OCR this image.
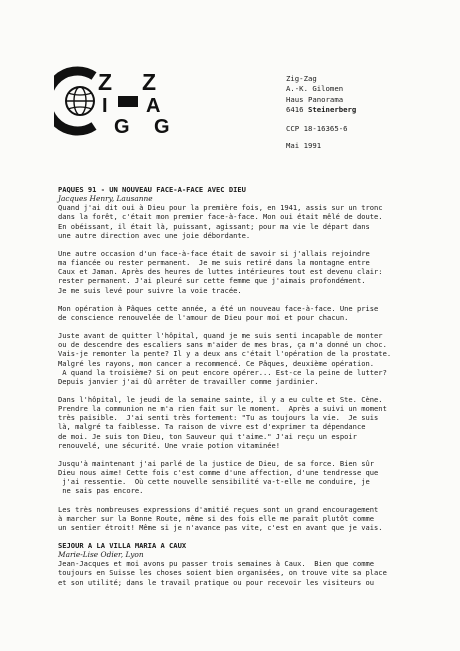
Z
I
G
Z
A
G
Zig-Zag
A.-K. Gilomen
Haus Panorama
6416 Steinerberg
CCP 18-16365-6
Mai 1991
PAQUES 91 - UN NOUVEAU FACE-A-FACE AVEC DIEU
Jacques Henry, Lausanne
Quand j'ai dit oui à Dieu pour la première fois, en 1941, assis sur un tronc
dans la forêt, c'était mon premier face-à-face. Mon oui était mêlé de doute.
En obéissant, il était là, puissant, agissant; pour ma vie le départ dans
une autre direction avec une joie débordante.
Une autre occasion d'un face-à-face était de savoir si j'allais rejoindre
ma fiancée ou rester permanent.  Je me suis retiré dans la montagne entre
Caux et Jaman. Après des heures de luttes intérieures tout est devenu clair:
rester permanent. J'ai pleuré sur cette femme que j'aimais profondément.
Je me suis levé pour suivre la voie tracée.
Mon opération à Pâques cette année, a été un nouveau face-à-face. Une prise
de conscience renouvelée de l'amour de Dieu pour moi et pour chacun.
Juste avant de quitter l'hôpital, quand je me suis senti incapable de monter
ou de descendre des escaliers sans m'aider de mes bras, ça m'a donné un choc.
Vais-je remonter la pente? Il y a deux ans c'était l'opération de la prostate.
Malgré les rayons, mon cancer a recommencé. Ce Pâques, deuxième opération.
A quand la troisième? Si on peut encore opérer... Est-ce la peine de lutter?
Depuis janvier j'ai dû arrêter de travailler comme jardinier.
Dans l'hôpital, le jeudi de la semaine sainte, il y a eu culte et Ste. Cène.
Prendre la communion ne m'a rien fait sur le moment.  Après a suivi un moment
très paisible.  J'ai senti très fortement: "Tu as toujours la vie.  Je suis
là, malgré ta faiblesse. Ta raison de vivre est d'exprimer ta dépendance
de moi. Je suis ton Dieu, ton Sauveur qui t'aime." J'ai reçu un espoir
renouvelé, une sécurité. Une vraie potion vitaminée!
Jusqu'à maintenant j'ai parlé de la justice de Dieu, de sa force. Bien sûr
Dieu nous aime! Cette fois c'est comme d'une affection, d'une tendresse que
j'ai ressentie.  Où cette nouvelle sensibilité va-t-elle me conduire, je
ne sais pas encore.
Les très nombreuses expressions d'amitié reçues sont un grand encouragement
à marcher sur la Bonne Route, même si des fois elle me paraît plutôt comme
un sentier étroit! Même si je n'avance pas vite, c'est en avant que je vais.
SEJOUR A LA VILLA MARIA A CAUX
Marie-Lise Odier, Lyon
Jean-Jacques et moi avons pu passer trois semaines à Caux.  Bien que comme
toujours en Suisse les choses soient bien organisées, on trouve vite sa place
et son utilité; dans le travail pratique ou pour recevoir les visiteurs ou
